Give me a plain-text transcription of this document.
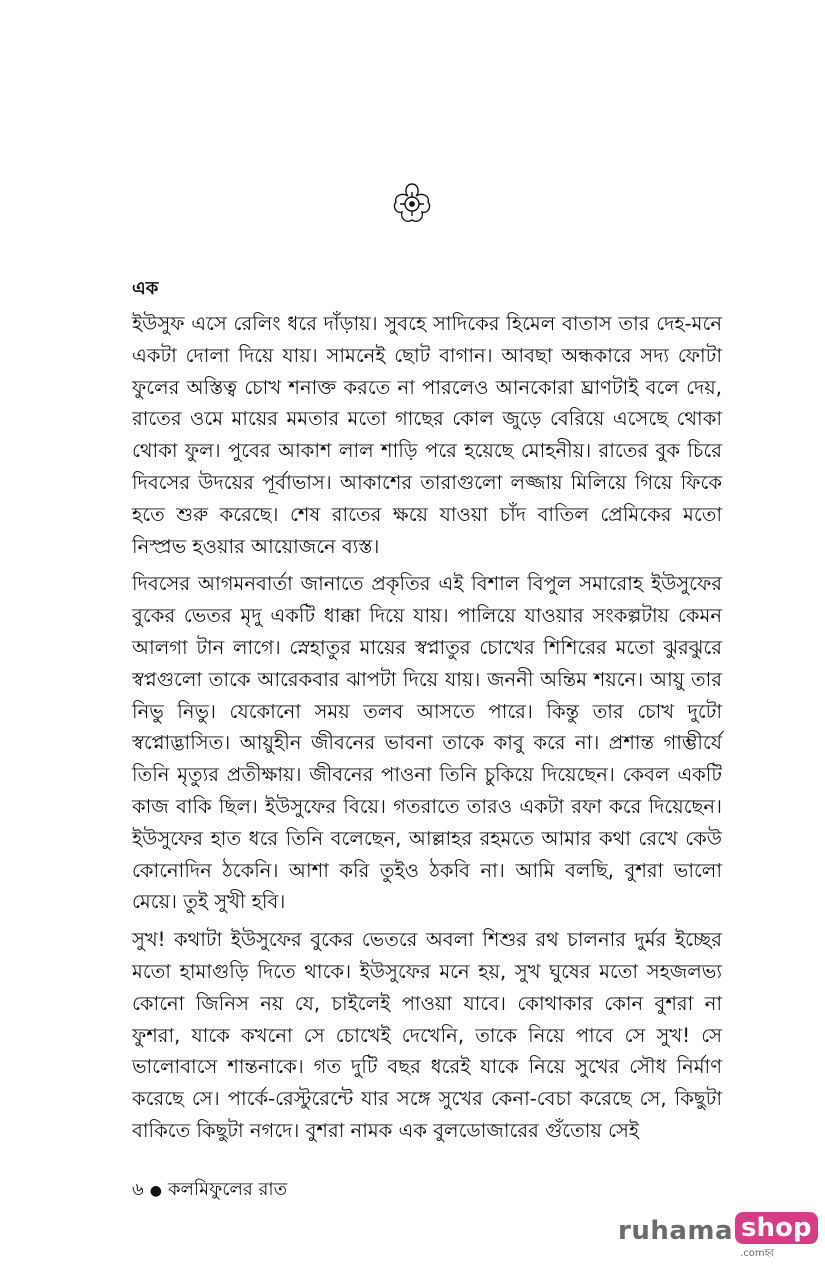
এক

ইউসুফ এসে রেলিং ধরে দাঁড়ায়। সুবহে সাদিকের হিমেল বাতাস তার দেহ-মনে একটা দোলা দিয়ে যায়। সামনেই ছোট বাগান। আবছা অন্ধকারে সদ্য ফোটা ফুলের অস্তিত্ব চোখ শনাক্ত করতে না পারলেও আনকোরা ঘ্রাণটাই বলে দেয়, রাতের ওমে মায়ের মমতার মতো গাছের কোল জুড়ে বেরিয়ে এসেছে থোকা থোকা ফুল। পুবের আকাশ লাল শাড়ি পরে হয়েছে মোহনীয়। রাতের বুক চিরে দিবসের উদয়ের পূর্বাভাস। আকাশের তারাগুলো লজ্জায় মিলিয়ে গিয়ে ফিকে হতে শুরু করেছে। শেষ রাতের ক্ষয়ে যাওয়া চাঁদ বাতিল প্রেমিকের মতো নিস্প্রভ হওয়ার আয়োজনে ব্যস্ত।

দিবসের আগমনবার্তা জানাতে প্রকৃতির এই বিশাল বিপুল সমারোহ ইউসুফের বুকের ভেতর মৃদু একটি ধাক্কা দিয়ে যায়। পালিয়ে যাওয়ার সংকল্পটায় কেমন আলগা টান লাগে। স্নেহাতুর মায়ের স্বপ্নাতুর চোখের শিশিরের মতো ঝুরঝুরে স্বপ্নগুলো তাকে আরেকবার ঝাপটা দিয়ে যায়। জননী অন্তিম শয়নে। আয়ু তার নিভু নিভু। যেকোনো সময় তলব আসতে পারে। কিন্তু তার চোখ দুটো স্বপ্নোদ্ভাসিত। আয়ুহীন জীবনের ভাবনা তাকে কাবু করে না। প্রশান্ত গাম্ভীর্যে তিনি মৃত্যুর প্রতীক্ষায়। জীবনের পাওনা তিনি চুকিয়ে দিয়েছেন। কেবল একটি কাজ বাকি ছিল। ইউসুফের বিয়ে। গতরাতে তারও একটা রফা করে দিয়েছেন। ইউসুফের হাত ধরে তিনি বলেছেন, আল্লাহর রহমতে আমার কথা রেখে কেউ কোনোদিন ঠকেনি। আশা করি তুইও ঠকবি না। আমি বলছি, বুশরা ভালো মেয়ে। তুই সুখী হবি।

সুখ! কথাটা ইউসুফের বুকের ভেতরে অবলা শিশুর রথ চালনার দুর্মর ইচ্ছের মতো হামাগুড়ি দিতে থাকে। ইউসুফের মনে হয়, সুখ ঘুষের মতো সহজলভ্য কোনো জিনিস নয় যে, চাইলেই পাওয়া যাবে। কোথাকার কোন বুশরা না ফুশরা, যাকে কখনো সে চোখেই দেখেনি, তাকে নিয়ে পাবে সে সুখ! সে ভালোবাসে শান্তনাকে। গত দুটি বছর ধরেই যাকে নিয়ে সুখের সৌধ নির্মাণ করেছে সে। পার্কে-রেস্টুরেন্টে যার সঙ্গে সুখের কেনা-বেচা করেছে সে, কিছুটা বাকিতে কিছুটা নগদে। বুশরা নামক এক বুলডোজারের গুঁতোয় সেই

৬ ● কলমিফুলের রাত
ruhama shop
.comহ্ব
